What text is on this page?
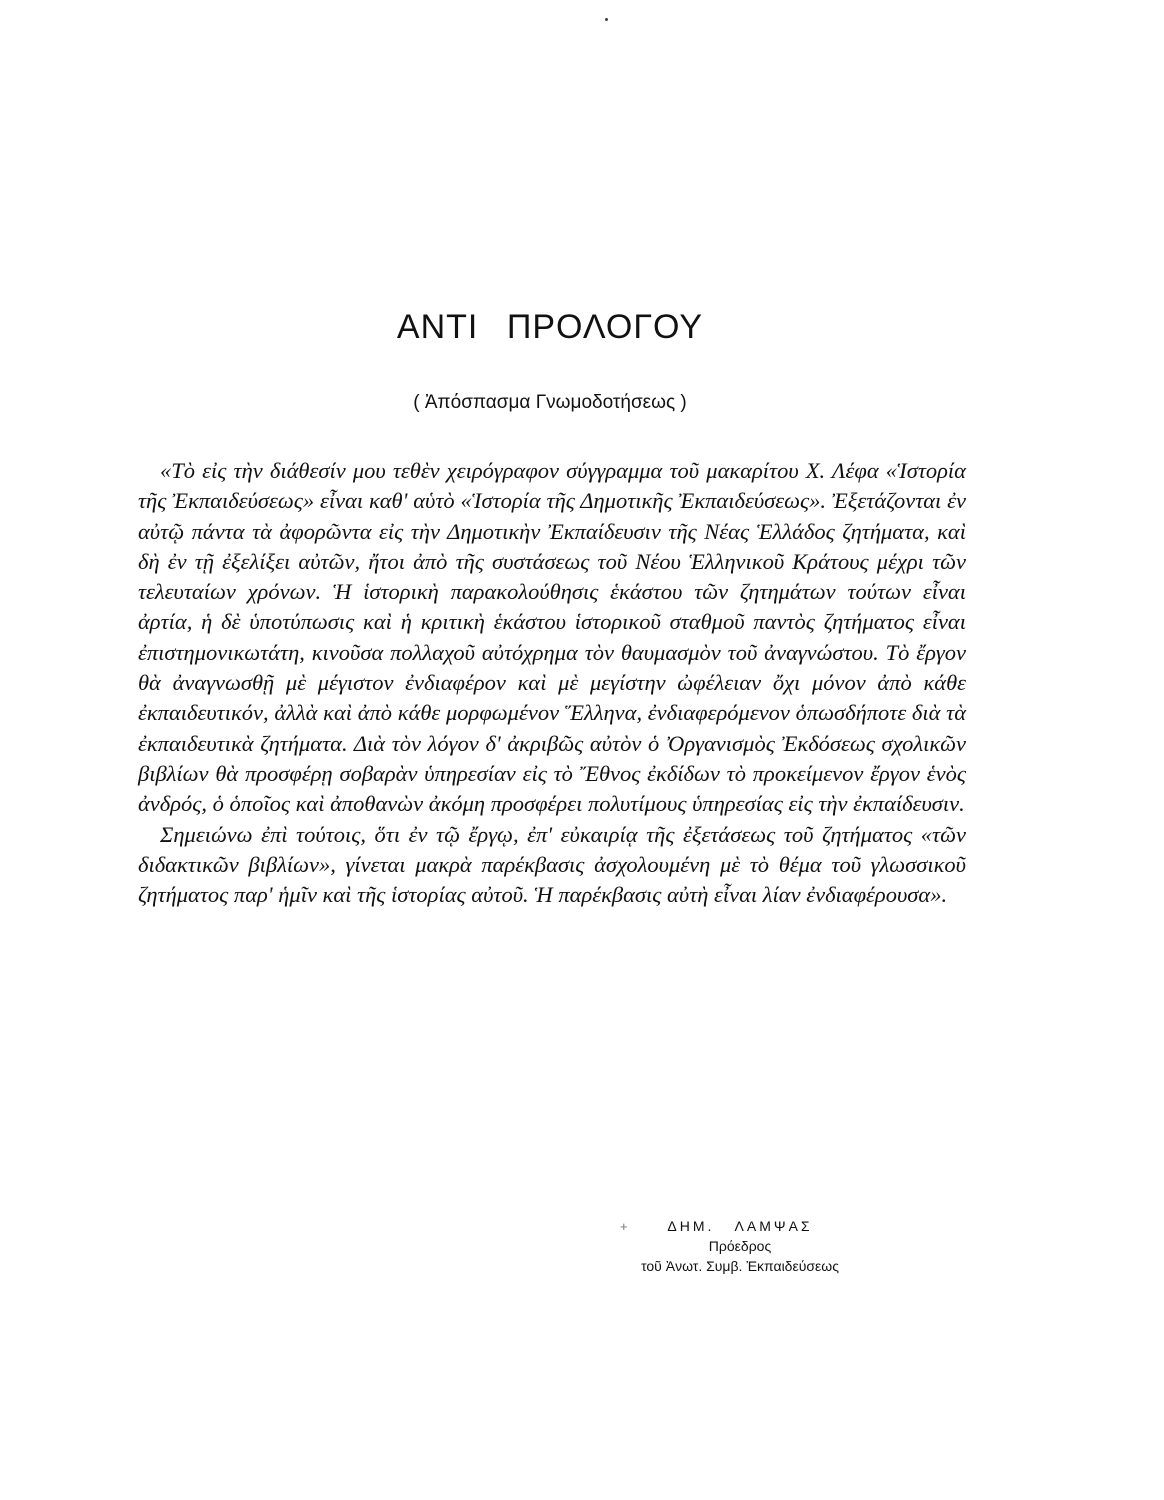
ΑΝΤΙ ΠΡΟΛΟΓΟΥ
( Ἀπόσπασμα Γνωμοδοτήσεως )

«Τὸ εἰς τὴν διάθεσίν μου τεθὲν χειρόγραφον σύγγραμμα τοῦ μακαρίτου Χ. Λέφα «Ἱστορία τῆς Ἐκπαιδεύσεως» εἶναι καθ' αὑτὸ «Ἱστορία τῆς Δημοτικῆς Ἐκπαιδεύσεως». Ἐξετάζονται ἐν αὐτῷ πάντα τὰ ἀφορῶντα εἰς τὴν Δημοτικὴν Ἐκπαίδευσιν τῆς Νέας Ἑλλάδος ζητήματα, καὶ δὴ ἐν τῇ ἐξελίξει αὐτῶν, ἤτοι ἀπὸ τῆς συστάσεως τοῦ Νέου Ἑλληνικοῦ Κράτους μέχρι τῶν τελευταίων χρόνων. Ἡ ἱστορικὴ παρακολούθησις ἑκάστου τῶν ζητημάτων τούτων εἶναι ἀρτία, ἡ δὲ ὑποτύπωσις καὶ ἡ κριτικὴ ἑκάστου ἱστορικοῦ σταθμοῦ παντὸς ζητήματος εἶναι ἐπιστημονικωτάτη, κινοῦσα πολλαχοῦ αὐτόχρημα τὸν θαυμασμὸν τοῦ ἀναγνώστου. Τὸ ἔργον θὰ ἀναγνωσθῇ μὲ μέγιστον ἐνδιαφέρον καὶ μὲ μεγίστην ὠφέλειαν ὄχι μόνον ἀπὸ κάθε ἐκπαιδευτικόν, ἀλλὰ καὶ ἀπὸ κάθε μορφωμένον Ἕλληνα, ἐνδιαφερόμενον ὁπωσδήποτε διὰ τὰ ἐκπαιδευτικὰ ζητήματα. Διὰ τὸν λόγον δ' ἀκριβῶς αὐτὸν ὁ Ὀργανισμὸς Ἐκδόσεως σχολικῶν βιβλίων θὰ προσφέρῃ σοβαρὰν ὑπηρεσίαν εἰς τὸ Ἔθνος ἐκδίδων τὸ προκείμενον ἔργον ἑνὸς ἀνδρός, ὁ ὁποῖος καὶ ἀποθανὼν ἀκόμη προσφέρει πολυτίμους ὑπηρεσίας εἰς τὴν ἐκπαίδευσιν.

Σημειώνω ἐπὶ τούτοις, ὅτι ἐν τῷ ἔργῳ, ἐπ' εὐκαιρίᾳ τῆς ἐξετάσεως τοῦ ζητήματος «τῶν διδακτικῶν βιβλίων», γίνεται μακρὰ παρέκβασις ἀσχολουμένη μὲ τὸ θέμα τοῦ γλωσσικοῦ ζητήματος παρ' ἡμῖν καὶ τῆς ἱστορίας αὐτοῦ. Ἡ παρέκβασις αὐτὴ εἶναι λίαν ἐνδιαφέρουσα».

+	ΔΗΜ. ΛΑΜΨΑΣ
Πρόεδρος
τοῦ Ἀνωτ. Συμβ. Ἐκπαιδεύσεως
